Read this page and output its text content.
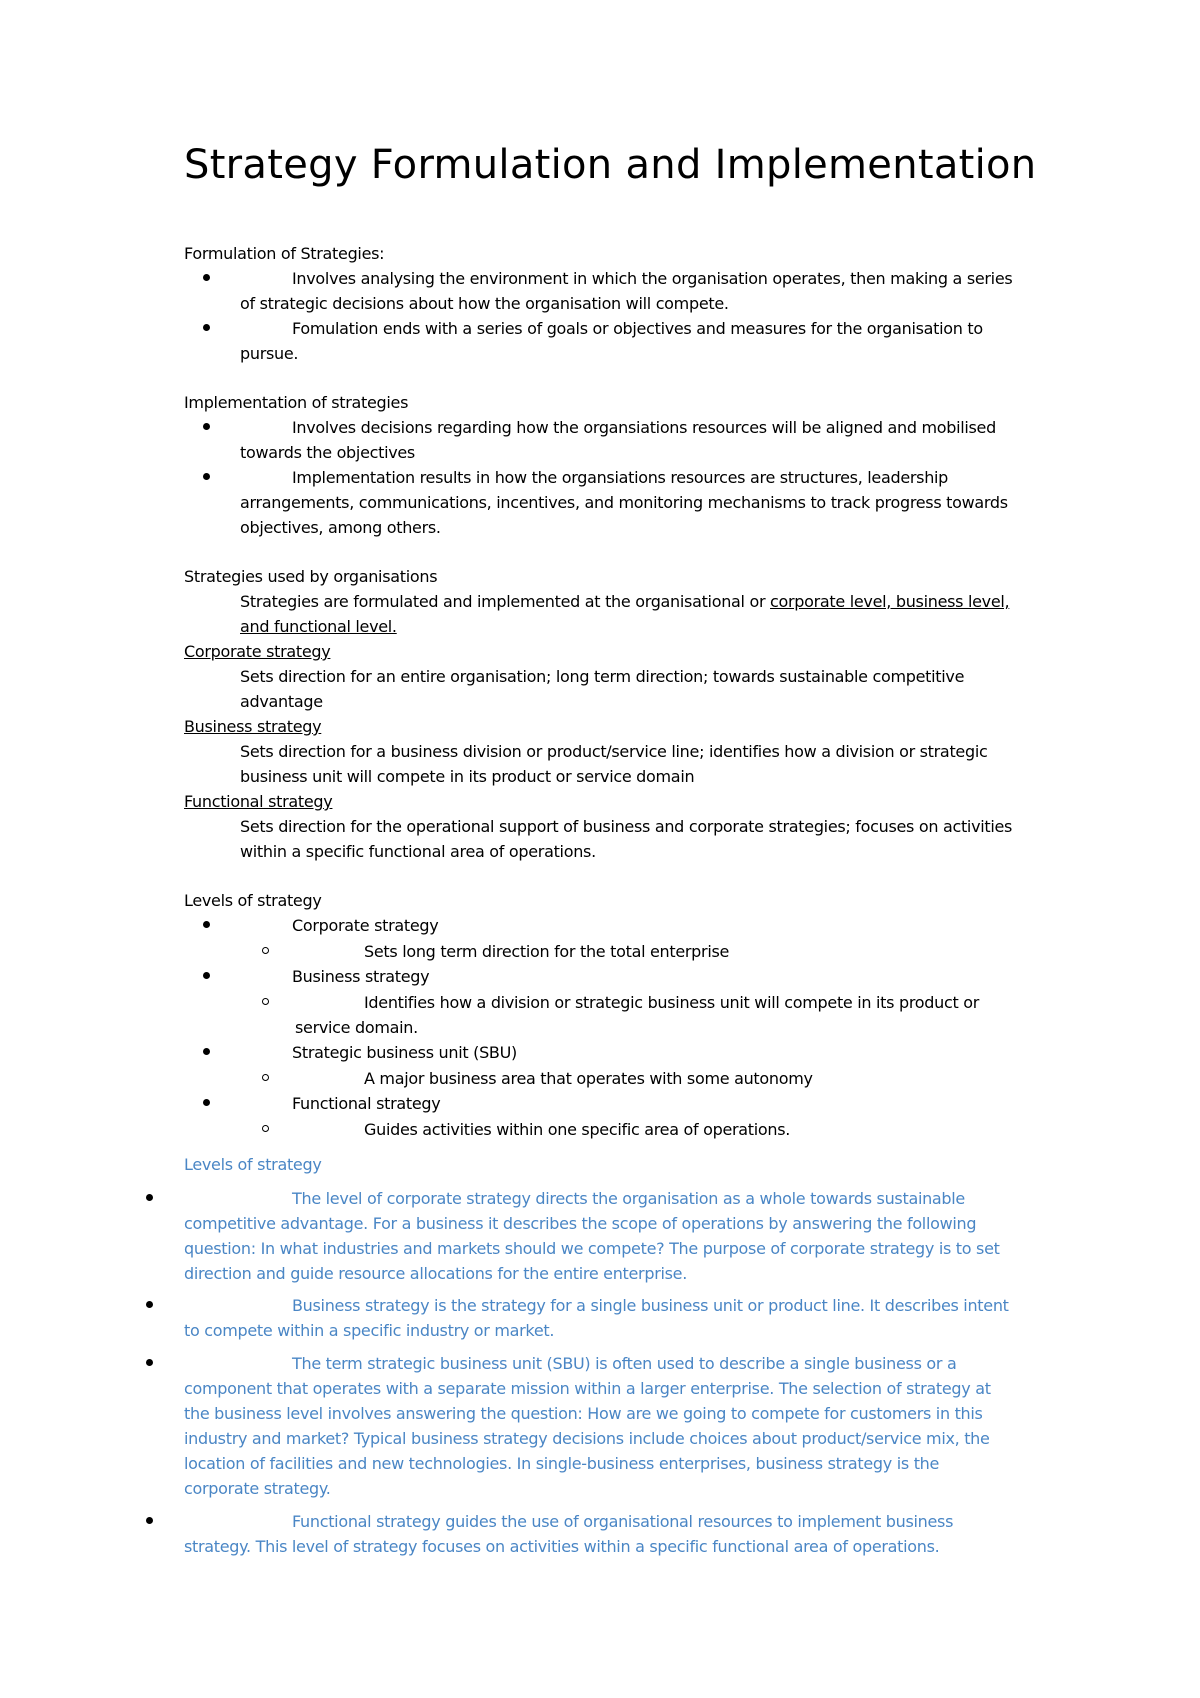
Strategy Formulation and Implementation

Formulation of Strategies:

Involves analysing the environment in which the organisation operates, then making a series

of strategic decisions about how the organisation will compete.

Fomulation ends with a series of goals or objectives and measures for the organisation to

pursue.

Implementation of strategies

Involves decisions regarding how the organsiations resources will be aligned and mobilised

towards the objectives

Implementation results in how the organsiations resources are structures, leadership

arrangements, communications, incentives, and monitoring mechanisms to track progress towards

objectives, among others.

Strategies used by organisations

Strategies are formulated and implemented at the organisational or corporate level, business level,

and functional level.

Corporate strategy

Sets direction for an entire organisation; long term direction; towards sustainable competitive

advantage

Business strategy

Sets direction for a business division or product/service line; identifies how a division or strategic

business unit will compete in its product or service domain

Functional strategy

Sets direction for the operational support of business and corporate strategies; focuses on activities

within a specific functional area of operations.

Levels of strategy

Corporate strategy

Sets long term direction for the total enterprise

Business strategy

Identifies how a division or strategic business unit will compete in its product or

service domain.

Strategic business unit (SBU)

A major business area that operates with some autonomy

Functional strategy

Guides activities within one specific area of operations.

Levels of strategy

The level of corporate strategy directs the organisation as a whole towards sustainable

competitive advantage. For a business it describes the scope of operations by answering the following

question: In what industries and markets should we compete? The purpose of corporate strategy is to set

direction and guide resource allocations for the entire enterprise.

Business strategy is the strategy for a single business unit or product line. It describes intent

to compete within a specific industry or market.

The term strategic business unit (SBU) is often used to describe a single business or a

component that operates with a separate mission within a larger enterprise. The selection of strategy at

the business level involves answering the question: How are we going to compete for customers in this

industry and market? Typical business strategy decisions include choices about product/service mix, the

location of facilities and new technologies. In single-business enterprises, business strategy is the

corporate strategy.

Functional strategy guides the use of organisational resources to implement business

strategy. This level of strategy focuses on activities within a specific functional area of operations.
